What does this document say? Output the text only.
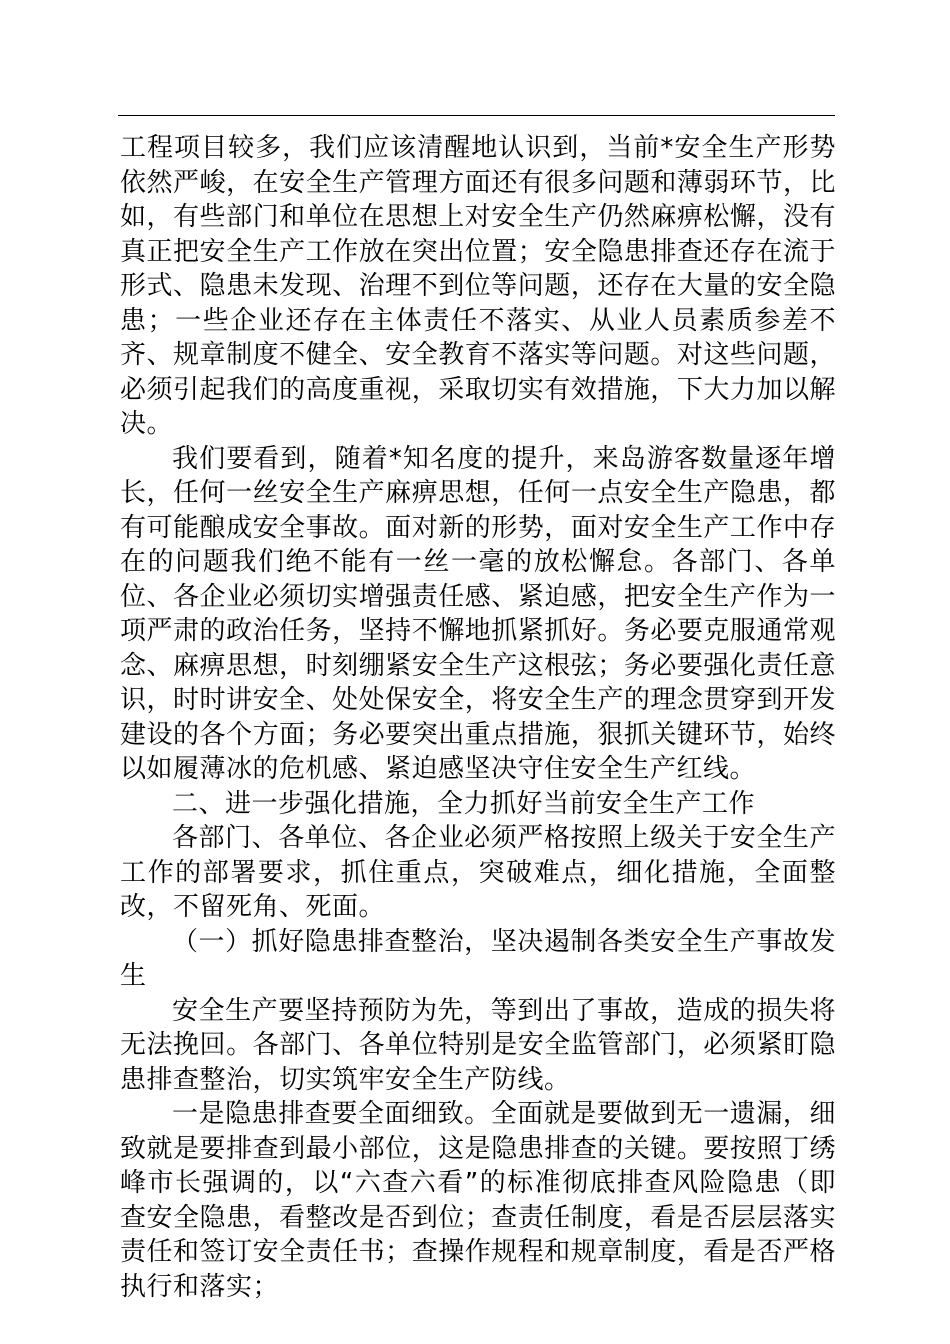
工程项目较多，我们应该清醒地认识到，当前*安全生产形势依然严峻，在安全生产管理方面还有很多问题和薄弱环节，比如，有些部门和单位在思想上对安全生产仍然麻痹松懈，没有真正把安全生产工作放在突出位置；安全隐患排查还存在流于形式、隐患未发现、治理不到位等问题，还存在大量的安全隐患；一些企业还存在主体责任不落实、从业人员素质参差不齐、规章制度不健全、安全教育不落实等问题。对这些问题，必须引起我们的高度重视，采取切实有效措施，下大力加以解决。

我们要看到，随着*知名度的提升，来岛游客数量逐年增长，任何一丝安全生产麻痹思想，任何一点安全生产隐患，都有可能酿成安全事故。面对新的形势，面对安全生产工作中存在的问题我们绝不能有一丝一毫的放松懈怠。各部门、各单位、各企业必须切实增强责任感、紧迫感，把安全生产作为一项严肃的政治任务，坚持不懈地抓紧抓好。务必要克服通常观念、麻痹思想，时刻绷紧安全生产这根弦；务必要强化责任意识，时时讲安全、处处保安全，将安全生产的理念贯穿到开发建设的各个方面；务必要突出重点措施，狠抓关键环节，始终以如履薄冰的危机感、紧迫感坚决守住安全生产红线。

二、进一步强化措施，全力抓好当前安全生产工作

各部门、各单位、各企业必须严格按照上级关于安全生产工作的部署要求，抓住重点，突破难点，细化措施，全面整改，不留死角、死面。

（一）抓好隐患排查整治，坚决遏制各类安全生产事故发生

安全生产要坚持预防为先，等到出了事故，造成的损失将无法挽回。各部门、各单位特别是安全监管部门，必须紧盯隐患排查整治，切实筑牢安全生产防线。

一是隐患排查要全面细致。全面就是要做到无一遗漏，细致就是要排查到最小部位，这是隐患排查的关键。要按照丁绣峰市长强调的，以“六查六看”的标准彻底排查风险隐患（即查安全隐患，看整改是否到位；查责任制度，看是否层层落实责任和签订安全责任书；查操作规程和规章制度，看是否严格执行和落实；
